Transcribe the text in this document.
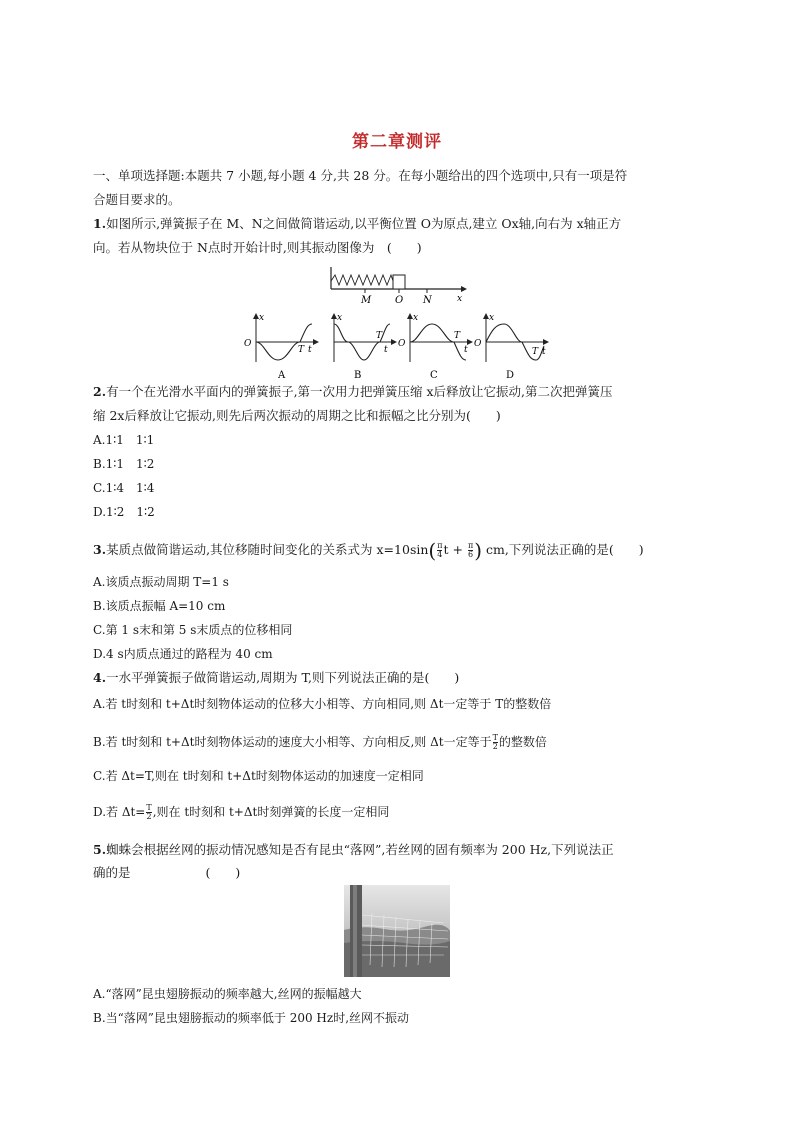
第二章测评
一、单项选择题:本题共 7 小题,每小题 4 分,共 28 分。在每小题给出的四个选项中,只有一项是符
合题目要求的。
1.如图所示,弹簧振子在 M、N之间做简谐运动,以平衡位置 O为原点,建立 Ox轴,向右为 x轴正方
向。若从物块位于 N点时开始计时,则其振动图像为　(　　)
M O N	x
O
x
T t
x
T
t
O
x
T
t
O
x
T t
A	B	C	D
2.有一个在光滑水平面内的弹簧振子,第一次用力把弹簧压缩 x后释放让它振动,第二次把弹簧压
缩 2x后释放让它振动,则先后两次振动的周期之比和振幅之比分别为(　　)
A.1∶1　1∶1
B.1∶1　1∶2
C.1∶4　1∶4
D.1∶2　1∶2
3.某质点做简谐运动,其位移随时间变化的关系式为 $x=10\sin( \frac{\pi}{4}$ $t + \frac{\pi}{6}$ ) cm,下列说法正确的是(　　)
A.该质点振动周期 T=1 s
B.该质点振幅 A=10 cm
C.第 1 s末和第 5 s末质点的位移相同
D.4 s内质点通过的路程为 40 cm
4.一水平弹簧振子做简谐运动,周期为 T,则下列说法正确的是(　　)
A.若 t时刻和 t+Δt时刻物体运动的位移大小相等、方向相同,则 Δt一定等于 T的整数倍
B.若 t时刻和 t+Δt时刻物体运动的速度大小相等、方向相反,则 Δt一定等于 $\frac{T}{2}$ 的整数倍
C.若 Δt=T,则在 t时刻和 t+Δt时刻物体运动的加速度一定相同
D.若 $\Delta t= \frac{T}{2}$ ,则在 t时刻和 t+Δt时刻弹簧的长度一定相同
5.蜘蛛会根据丝网的振动情况感知是否有昆虫“落网”,若丝网的固有频率为 200 Hz,下列说法正
确的是　　　　　　(　　)
A.“落网”昆虫翅膀振动的频率越大,丝网的振幅越大
B.当“落网”昆虫翅膀振动的频率低于 200 Hz时,丝网不振动
